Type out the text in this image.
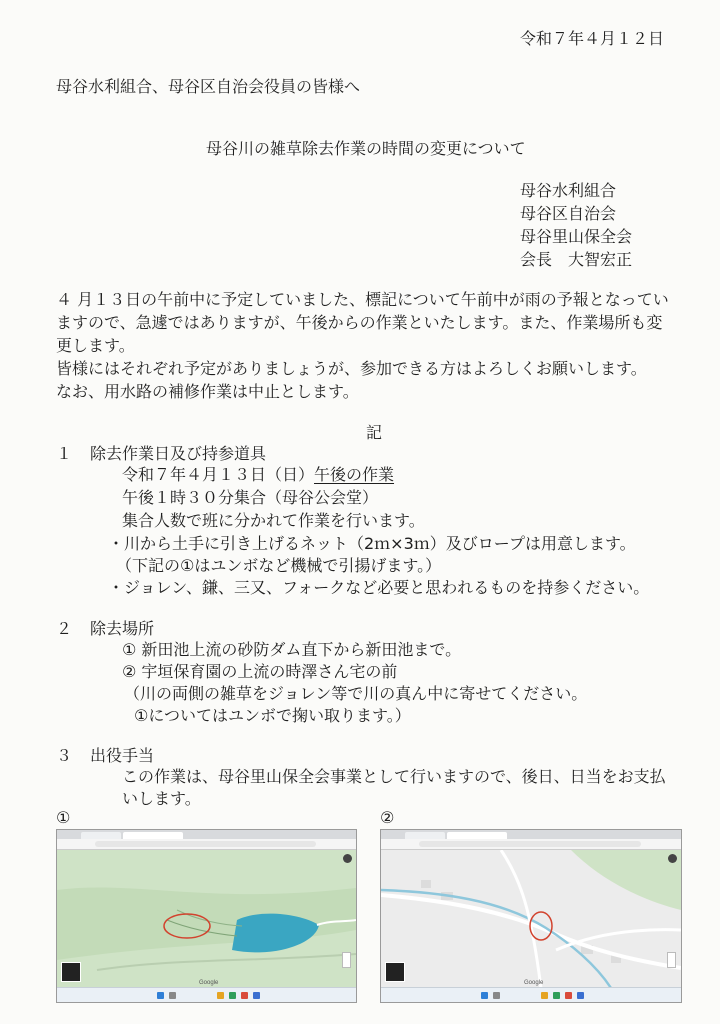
令和７年４月１２日
母谷水利組合、母谷区自治会役員の皆様へ
母谷川の雑草除去作業の時間の変更について
母谷水利組合
母谷区自治会
母谷里山保全会
会長　大智宏正
４ 月１３日の午前中に予定していました、標記について午前中が雨の予報となってい
ますので、急遽ではありますが、午後からの作業といたします。また、作業場所も変
更します。
皆様にはそれぞれ予定がありましょうが、参加できる方はよろしくお願いします。
なお、用水路の補修作業は中止とします。
記
１ 除去作業日及び持参道具
令和７年４月１３日（日）午後の作業
午後１時３０分集合（母谷公会堂）
集合人数で班に分かれて作業を行います。
・川から土手に引き上げるネット（2ｍ×3ｍ）及びロープは用意します。
（下記の①はユンボなど機械で引揚げます。）
・ジョレン、鎌、三又、フォークなど必要と思われるものを持参ください。
２ 除去場所
① 新田池上流の砂防ダム直下から新田池まで。
② 宇垣保育園の上流の時澤さん宅の前
（川の両側の雑草をジョレン等で川の真ん中に寄せてください。
①についてはユンボで掬い取ります。）
３ 出役手当
この作業は、母谷里山保全会事業として行いますので、後日、日当をお支払
いします。
①	②
Google	Google
